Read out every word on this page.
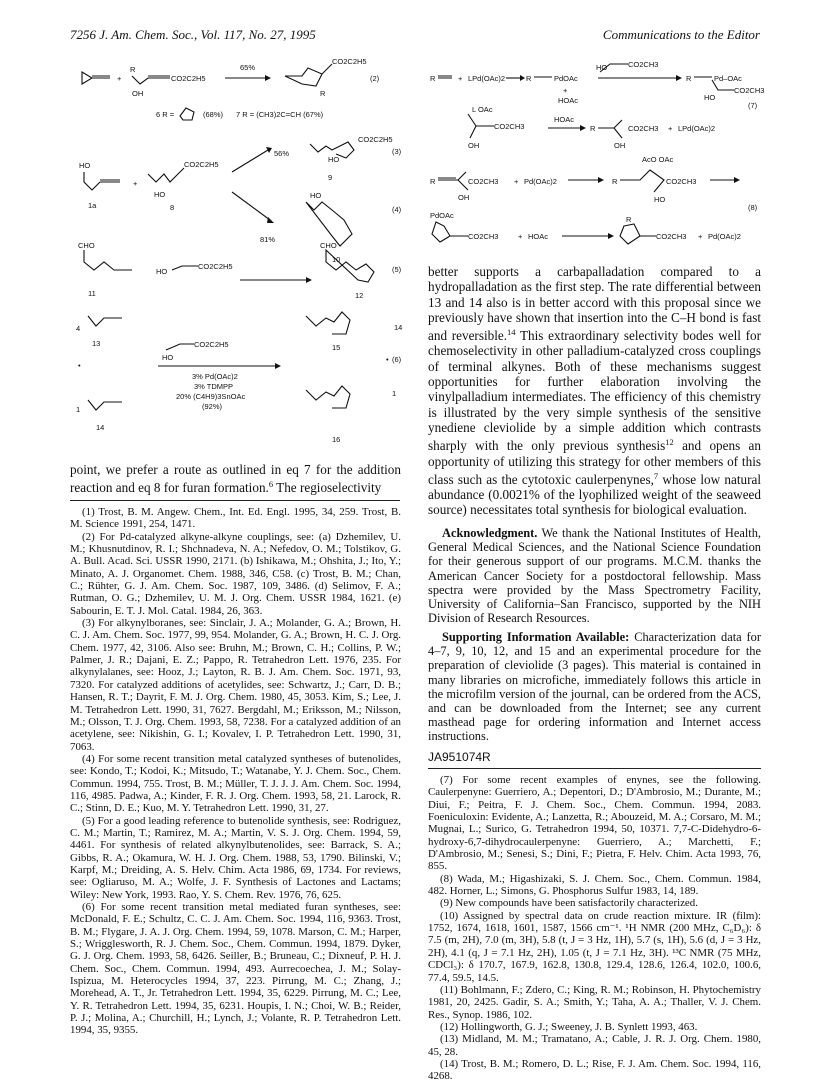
7256 J. Am. Chem. Soc., Vol. 117, No. 27, 1995	Communications to the Editor
+
R
CO2C2H5
OH
65%
CO2C2H5
R
(2)
6 R =	(68%) 7 R = (CH3)2C=CH (67%)
HO
1a
+
CO2C2H5
HO
8
56%
81%
HO
CO2C2H5
9
(3)
HO
10
(4)
CHO
11
HO
CO2C2H5
CHO
12
(5)
4
13
•
1
14
CO2C2H5
HO
3% Pd(OAc)2
3% TDMPP
20% (C4H9)3SnOAc
(92%)
15
14
• (6)
16
1
R	+ LPd(OAc)2	R	PdOAc
+
HOAc
HO	CO2CH3
R	Pd–OAc
CO2CH3
HO
(7)
L OAc
CO2CH3
OH
HOAc
R	CO2CH3
OH
+ LPd(OAc)2
R	CO2CH3
OH
+ Pd(OAc)2
AcO OAc
R	CO2CH3
HO
(8)
PdOAc
CO2CH3	+ HOAc
R
CO2CH3 + Pd(OAc)2

point, we prefer a route as outlined in eq 7 for the addition reaction and eq 8 for furan formation.$^6$ The regioselectivity

better supports a carbapalladation compared to a hydropalladation as the first step. The rate differential between 13 and 14 also is in better accord with this proposal since we previously have shown that insertion into the C–H bond is fast and reversible.$^{14}$ This extraordinary selectivity bodes well for chemoselectivity in other palladium-catalyzed cross couplings of terminal alkynes. Both of these mechanisms suggest opportunities for further elaboration involving the vinylpalladium intermediates. The efficiency of this chemistry is illustrated by the very simple synthesis of the sensitive ynediene cleviolide by a simple addition which contrasts sharply with the only previous synthesis$^{12}$ and opens an opportunity of utilizing this strategy for other members of this class such as the cytotoxic caulerpenynes,$^7$ whose low natural abundance (0.0021% of the lyophilized weight of the seaweed source) necessitates total synthesis for biological evaluation.

Acknowledgment. We thank the National Institutes of Health, General Medical Sciences, and the National Science Foundation for their generous support of our programs. M.C.M. thanks the American Cancer Society for a postdoctoral fellowship. Mass spectra were provided by the Mass Spectrometry Facility, University of California–San Francisco, supported by the NIH Division of Research Resources.

Supporting Information Available: Characterization data for 4–7, 9, 10, 12, and 15 and an experimental procedure for the preparation of cleviolide (3 pages). This material is contained in many libraries on microfiche, immediately follows this article in the microfilm version of the journal, can be ordered from the ACS, and can be downloaded from the Internet; see any current masthead page for ordering information and Internet access instructions.

JA951074R

(1) Trost, B. M. Angew. Chem., Int. Ed. Engl. 1995, 34, 259. Trost, B. M. Science 1991, 254, 1471.

(2) For Pd-catalyzed alkyne-alkyne couplings, see: (a) Dzhemilev, U. M.; Khusnutdinov, R. I.; Shchnadeva, N. A.; Nefedov, O. M.; Tolstikov, G. A. Bull. Acad. Sci. USSR 1990, 2171. (b) Ishikawa, M.; Ohshita, J.; Ito, Y.; Minato, A. J. Organomet. Chem. 1988, 346, C58. (c) Trost, B. M.; Chan, C.; Rühter, G. J. Am. Chem. Soc. 1987, 109, 3486. (d) Selimov, F. A.; Rutman, O. G.; Dzhemilev, U. M. J. Org. Chem. USSR 1984, 1621. (e) Sabourin, E. T. J. Mol. Catal. 1984, 26, 363.

(3) For alkynylboranes, see: Sinclair, J. A.; Molander, G. A.; Brown, H. C. J. Am. Chem. Soc. 1977, 99, 954. Molander, G. A.; Brown, H. C. J. Org. Chem. 1977, 42, 3106. Also see: Bruhn, M.; Brown, C. H.; Collins, P. W.; Palmer, J. R.; Dajani, E. Z.; Pappo, R. Tetrahedron Lett. 1976, 235. For alkynylalanes, see: Hooz, J.; Layton, R. B. J. Am. Chem. Soc. 1971, 93, 7320. For catalyzed additions of acetylides, see: Schwartz, J.; Carr, D. B.; Hansen, R. T.; Dayrit, F. M. J. Org. Chem. 1980, 45, 3053. Kim, S.; Lee, J. M. Tetrahedron Lett. 1990, 31, 7627. Bergdahl, M.; Eriksson, M.; Nilsson, M.; Olsson, T. J. Org. Chem. 1993, 58, 7238. For a catalyzed addition of an acetylene, see: Nikishin, G. I.; Kovalev, I. P. Tetrahedron Lett. 1990, 31, 7063.

(4) For some recent transition metal catalyzed syntheses of butenolides, see: Kondo, T.; Kodoi, K.; Mitsudo, T.; Watanabe, Y. J. Chem. Soc., Chem. Commun. 1994, 755. Trost, B. M.; Müller, T. J. J. J. Am. Chem. Soc. 1994, 116, 4985. Padwa, A.; Kinder, F. R. J. Org. Chem. 1993, 58, 21. Larock, R. C.; Stinn, D. E.; Kuo, M. Y. Tetrahedron Lett. 1990, 31, 27.

(5) For a good leading reference to butenolide synthesis, see: Rodriguez, C. M.; Martin, T.; Ramirez, M. A.; Martin, V. S. J. Org. Chem. 1994, 59, 4461. For synthesis of related alkynylbutenolides, see: Barrack, S. A.; Gibbs, R. A.; Okamura, W. H. J. Org. Chem. 1988, 53, 1790. Bilinski, V.; Karpf, M.; Dreiding, A. S. Helv. Chim. Acta 1986, 69, 1734. For reviews, see: Ogliaruso, M. A.; Wolfe, J. F. Synthesis of Lactones and Lactams; Wiley: New York, 1993. Rao, Y. S. Chem. Rev. 1976, 76, 625.

(6) For some recent transition metal mediated furan syntheses, see: McDonald, F. E.; Schultz, C. C. J. Am. Chem. Soc. 1994, 116, 9363. Trost, B. M.; Flygare, J. A. J. Org. Chem. 1994, 59, 1078. Marson, C. M.; Harper, S.; Wrigglesworth, R. J. Chem. Soc., Chem. Commun. 1994, 1879. Dyker, G. J. Org. Chem. 1993, 58, 6426. Seiller, B.; Bruneau, C.; Dixneuf, P. H. J. Chem. Soc., Chem. Commun. 1994, 493. Aurrecoechea, J. M.; Solay-Ispizua, M. Heterocycles 1994, 37, 223. Pirrung, M. C.; Zhang, J.; Morehead, A. T., Jr. Tetrahedron Lett. 1994, 35, 6229. Pirrung, M. C.; Lee, Y. R. Tetrahedron Lett. 1994, 35, 6231. Houpis, I. N.; Choi, W. B.; Reider, P. J.; Molina, A.; Churchill, H.; Lynch, J.; Volante, R. P. Tetrahedron Lett. 1994, 35, 9355.

(7) For some recent examples of enynes, see the following. Caulerpenyne: Guerriero, A.; Depentori, D.; D'Ambrosio, M.; Durante, M.; Diui, F.; Peitra, F. J. Chem. Soc., Chem. Commun. 1994, 2083. Foeniculoxin: Evidente, A.; Lanzetta, R.; Abouzeid, M. A.; Corsaro, M. M.; Mugnai, L.; Surico, G. Tetrahedron 1994, 50, 10371. 7,7-C-Didehydro-6-hydroxy-6,7-dihydrocaulerpenyne: Guerriero, A.; Marchetti, F.; D'Ambrosio, M.; Senesi, S.; Dini, F.; Pietra, F. Helv. Chim. Acta 1993, 76, 855.

(8) Wada, M.; Higashizaki, S. J. Chem. Soc., Chem. Commun. 1984, 482. Horner, L.; Simons, G. Phosphorus Sulfur 1983, 14, 189.

(9) New compounds have been satisfactorily characterized.

(10) Assigned by spectral data on crude reaction mixture. IR (film): 1752, 1674, 1618, 1601, 1587, 1566 cm⁻¹. ¹H NMR (200 MHz, C₆D₆): δ 7.5 (m, 2H), 7.0 (m, 3H), 5.8 (t, J = 3 Hz, 1H), 5.7 (s, 1H), 5.6 (d, J = 3 Hz, 2H), 4.1 (q, J = 7.1 Hz, 2H), 1.05 (t, J = 7.1 Hz, 3H). ¹³C NMR (75 MHz, CDCl₃): δ 170.7, 167.9, 162.8, 130.8, 129.4, 128.6, 126.4, 102.0, 100.6, 77.4, 59.5, 14.5.

(11) Bohlmann, F.; Zdero, C.; King, R. M.; Robinson, H. Phytochemistry 1981, 20, 2425. Gadir, S. A.; Smith, Y.; Taha, A. A.; Thaller, V. J. Chem. Res., Synop. 1986, 102.

(12) Hollingworth, G. J.; Sweeney, J. B. Synlett 1993, 463.

(13) Midland, M. M.; Tramatano, A.; Cable, J. R. J. Org. Chem. 1980, 45, 28.

(14) Trost, B. M.; Romero, D. L.; Rise, F. J. Am. Chem. Soc. 1994, 116, 4268.
